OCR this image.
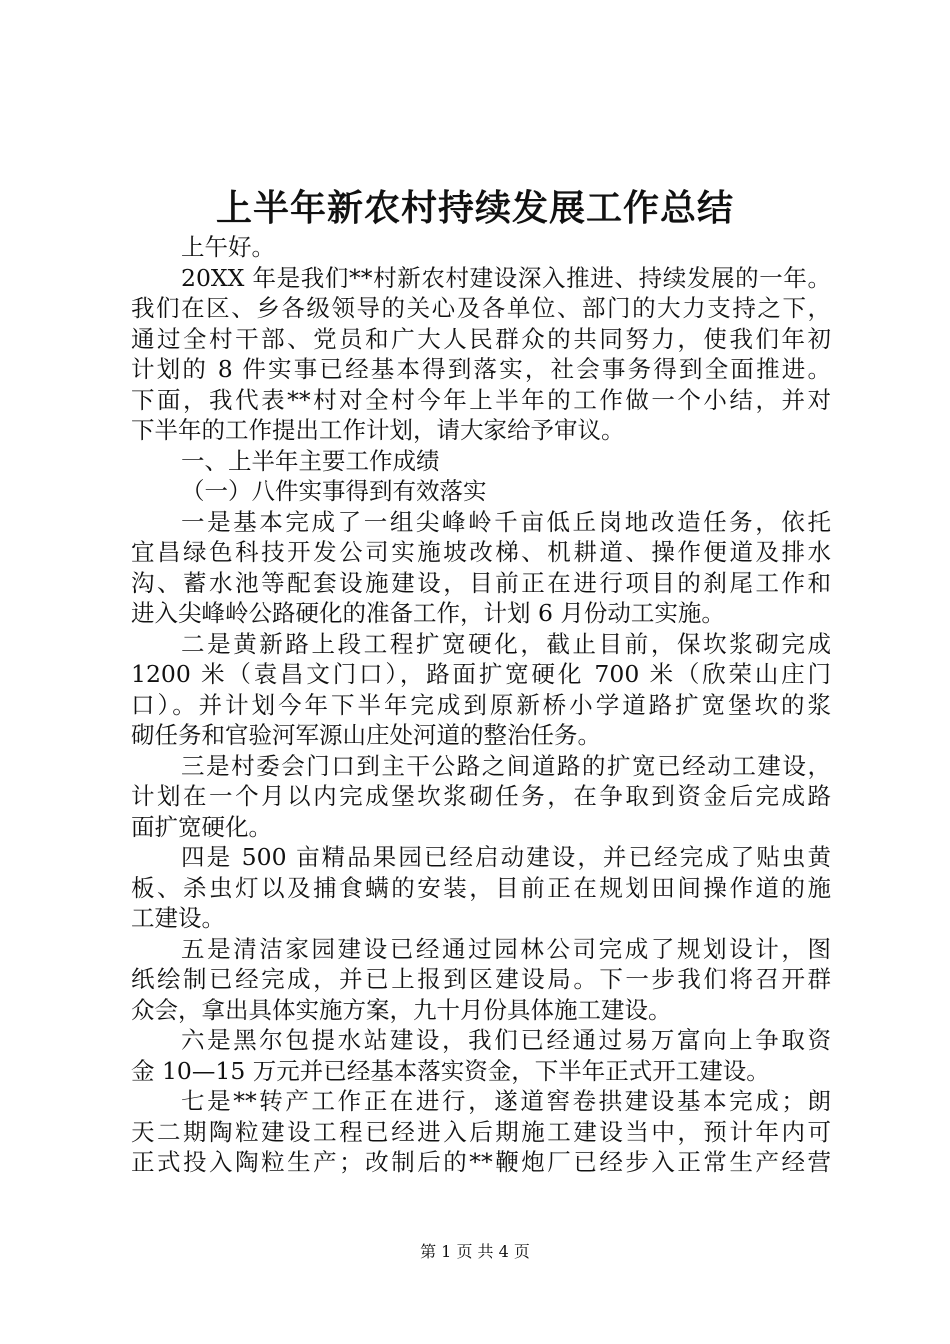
上半年新农村持续发展工作总结
上午好。
20XX 年是我们**村新农村建设深入推进、持续发展的一年。
我们在区、乡各级领导的关心及各单位、部门的大力支持之下，
通过全村干部、党员和广大人民群众的共同努力，使我们年初
计划的 8 件实事已经基本得到落实，社会事务得到全面推进。
下面，我代表**村对全村今年上半年的工作做一个小结，并对
下半年的工作提出工作计划，请大家给予审议。
一、上半年主要工作成绩
（一）八件实事得到有效落实
一是基本完成了一组尖峰岭千亩低丘岗地改造任务，依托
宜昌绿色科技开发公司实施坡改梯、机耕道、操作便道及排水
沟、蓄水池等配套设施建设，目前正在进行项目的刹尾工作和
进入尖峰岭公路硬化的准备工作，计划 6 月份动工实施。
二是黄新路上段工程扩宽硬化，截止目前，保坎浆砌完成
1200 米（袁昌文门口），路面扩宽硬化 700 米（欣荣山庄门
口）。并计划今年下半年完成到原新桥小学道路扩宽堡坎的浆
砌任务和官验河军源山庄处河道的整治任务。
三是村委会门口到主干公路之间道路的扩宽已经动工建设，
计划在一个月以内完成堡坎浆砌任务，在争取到资金后完成路
面扩宽硬化。
四是 500 亩精品果园已经启动建设，并已经完成了贴虫黄
板、杀虫灯以及捕食螨的安装，目前正在规划田间操作道的施
工建设。
五是清洁家园建设已经通过园林公司完成了规划设计，图
纸绘制已经完成，并已上报到区建设局。下一步我们将召开群
众会，拿出具体实施方案，九十月份具体施工建设。
六是黑尔包提水站建设，我们已经通过易万富向上争取资
金 10—15 万元并已经基本落实资金，下半年正式开工建设。
七是**转产工作正在进行，遂道窖卷拱建设基本完成；朗
天二期陶粒建设工程已经进入后期施工建设当中，预计年内可
正式投入陶粒生产；改制后的**鞭炮厂已经步入正常生产经营
第 1 页 共 4 页
